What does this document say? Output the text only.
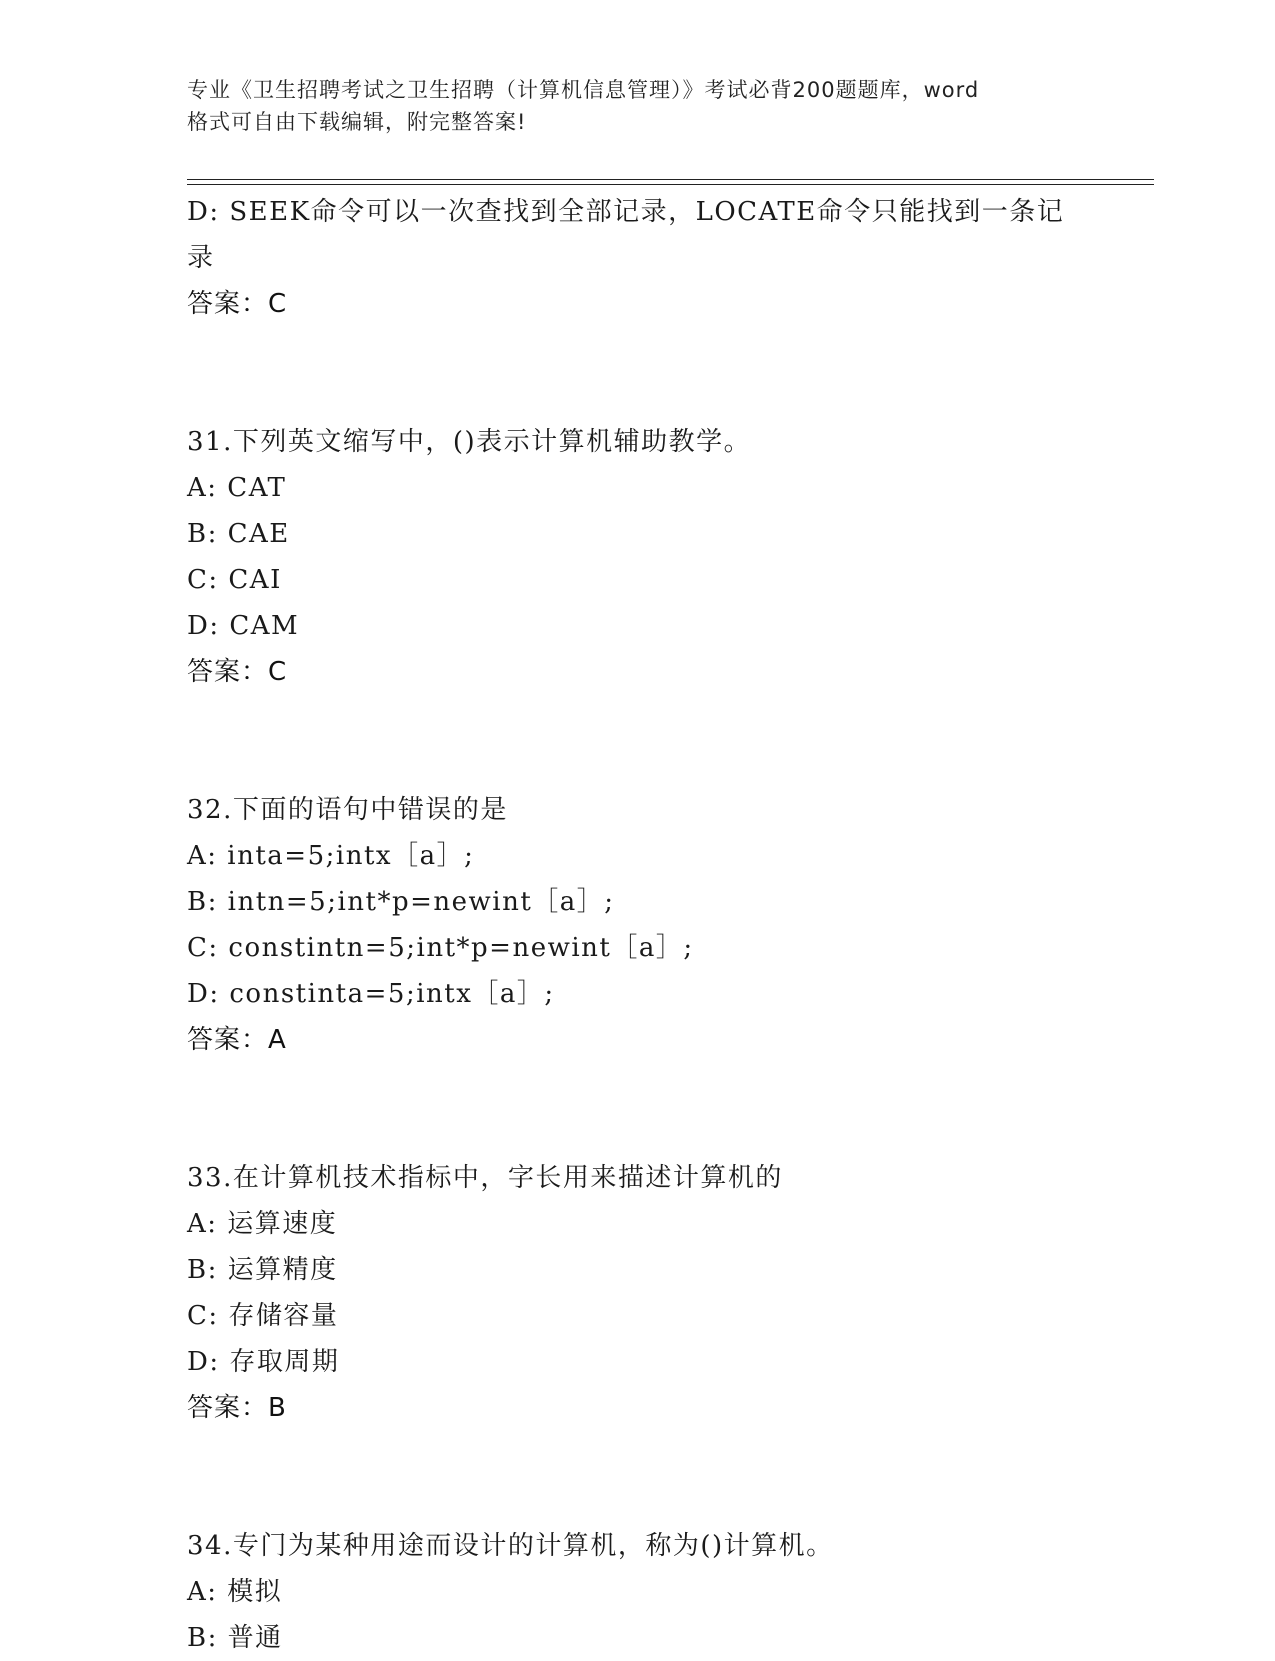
专业《卫生招聘考试之卫生招聘（计算机信息管理）》考试必背200题题库，word
格式可自由下载编辑，附完整答案!
D: SEEK命令可以一次查找到全部记录，LOCATE命令只能找到一条记
录
答案：C
31.下列英文缩写中，()表示计算机辅助教学。
A: CAT
B: CAE
C: CAI
D: CAM
答案：C
32.下面的语句中错误的是
A: inta=5;intx［a］;
B: intn=5;int*p=newint［a］;
C: constintn=5;int*p=newint［a］;
D: constinta=5;intx［a］;
答案：A
33.在计算机技术指标中，字长用来描述计算机的
A: 运算速度
B: 运算精度
C: 存储容量
D: 存取周期
答案：B
34.专门为某种用途而设计的计算机，称为()计算机。
A: 模拟
B: 普通
